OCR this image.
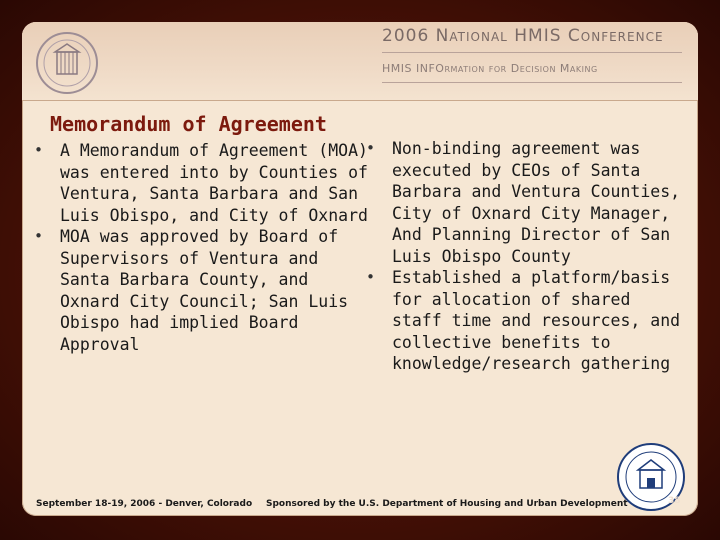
2006 National HMIS Conference
HMIS INFOrmation for Decision Making
Memorandum of Agreement
• A Memorandum of Agreement (MOA) was entered into by Counties of Ventura, Santa Barbara and San Luis Obispo, and City of Oxnard
• MOA was approved by Board of Supervisors of Ventura and Santa Barbara County, and Oxnard City Council; San Luis Obispo had implied Board Approval
• Non-binding agreement was executed by CEOs of Santa Barbara and Ventura Counties, City of Oxnard City Manager, And Planning Director of San Luis Obispo County
• Established a platform/basis for allocation of shared staff time and resources, and collective benefits to knowledge/research gathering
September 18-19, 2006 - Denver, Colorado Sponsored by the U.S. Department of Housing and Urban Development	38
